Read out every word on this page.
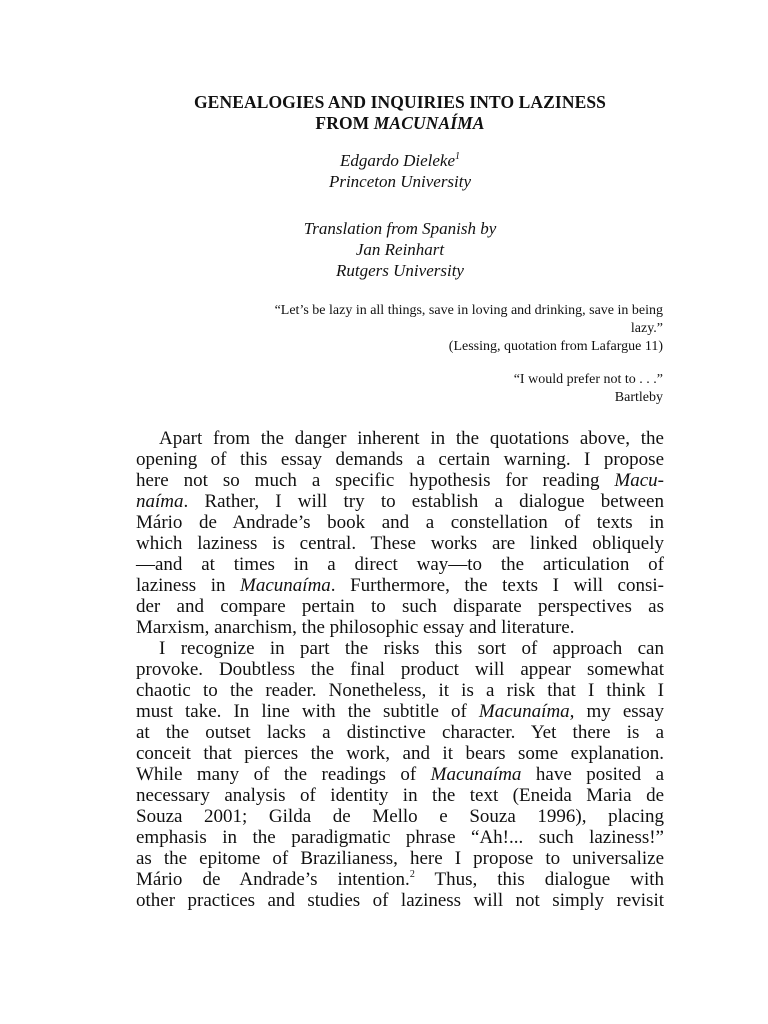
GENEALOGIES AND INQUIRIES INTO LAZINESS
FROM MACUNAÍMA
Edgardo Dieleke$^1$
Princeton University
Translation from Spanish by
Jan Reinhart
Rutgers University
“Let’s be lazy in all things, save in loving and drinking, save in being
lazy.”
(Lessing, quotation from Lafargue 11)
“I would prefer not to . . .”
Bartleby
Apart from the danger inherent in the quotations above, the
opening of this essay demands a certain warning. I propose
here not so much a specific hypothesis for reading Macu-
naíma. Rather, I will try to establish a dialogue between
Mário de Andrade’s book and a constellation of texts in
which laziness is central. These works are linked obliquely
—and at times in a direct way—to the articulation of
laziness in Macunaíma. Furthermore, the texts I will consi-
der and compare pertain to such disparate perspectives as
Marxism, anarchism, the philosophic essay and literature.
I recognize in part the risks this sort of approach can
provoke. Doubtless the final product will appear somewhat
chaotic to the reader. Nonetheless, it is a risk that I think I
must take. In line with the subtitle of Macunaíma, my essay
at the outset lacks a distinctive character. Yet there is a
conceit that pierces the work, and it bears some explanation.
While many of the readings of Macunaíma have posited a
necessary analysis of identity in the text (Eneida Maria de
Souza 2001; Gilda de Mello e Souza 1996), placing
emphasis in the paradigmatic phrase “Ah!... such laziness!”
as the epitome of Brazilianess, here I propose to universalize
Mário de Andrade’s intention.$^2$ Thus, this dialogue with
other practices and studies of laziness will not simply revisit
